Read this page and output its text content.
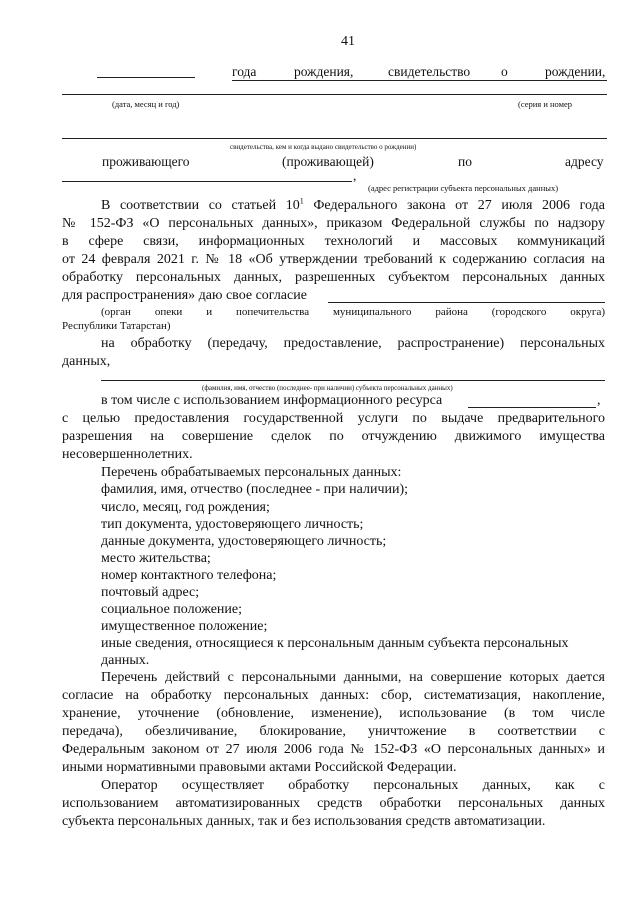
41
года	рождения,	свидетельство о	рождении,
(дата, месяц и год)	(серия и номер
свидетельства, кем и когда выдано свидетельство о рождении)
проживающего	(проживающей)	по	адресу
,
(адрес регистрации субъекта персональных данных)
В соответствии со статьей $10^1$ Федерального закона от 27 июля 2006 года
№ 152-ФЗ «О персональных данных», приказом Федеральной службы по надзору
в сфере связи, информационных технологий и массовых коммуникаций
от 24 февраля 2021 г. № 18 «Об утверждении требований к содержанию согласия на
обработку персональных данных, разрешенных субъектом персональных данных
для распространения» даю свое согласие
(орган опеки и попечительства муниципального района (городского округа)
Республики Татарстан)
на обработку (передачу, предоставление, распространение) персональных
данных,
(фамилия, имя, отчество (последнее- при наличии) субъекта персональных данных)
в том числе с использованием информационного ресурса	,
с целью предоставления государственной услуги по выдаче предварительного
разрешения на совершение сделок по отчуждению движимого имущества
несовершеннолетних.
Перечень обрабатываемых персональных данных:
фамилия, имя, отчество (последнее - при наличии);
число, месяц, год рождения;
тип документа, удостоверяющего личность;
данные документа, удостоверяющего личность;
место жительства;
номер контактного телефона;
почтовый адрес;
социальное положение;
имущественное положение;
иные сведения, относящиеся к персональным данным субъекта персональных
данных.
Перечень действий с персональными данными, на совершение которых дается
согласие на обработку персональных данных: сбор, систематизация, накопление,
хранение, уточнение (обновление, изменение), использование (в том числе
передача), обезличивание, блокирование, уничтожение в соответствии с
Федеральным законом от 27 июля 2006 года № 152-ФЗ «О персональных данных» и
иными нормативными правовыми актами Российской Федерации.
Оператор осуществляет обработку персональных данных, как с
использованием автоматизированных средств обработки персональных данных
субъекта персональных данных, так и без использования средств автоматизации.
